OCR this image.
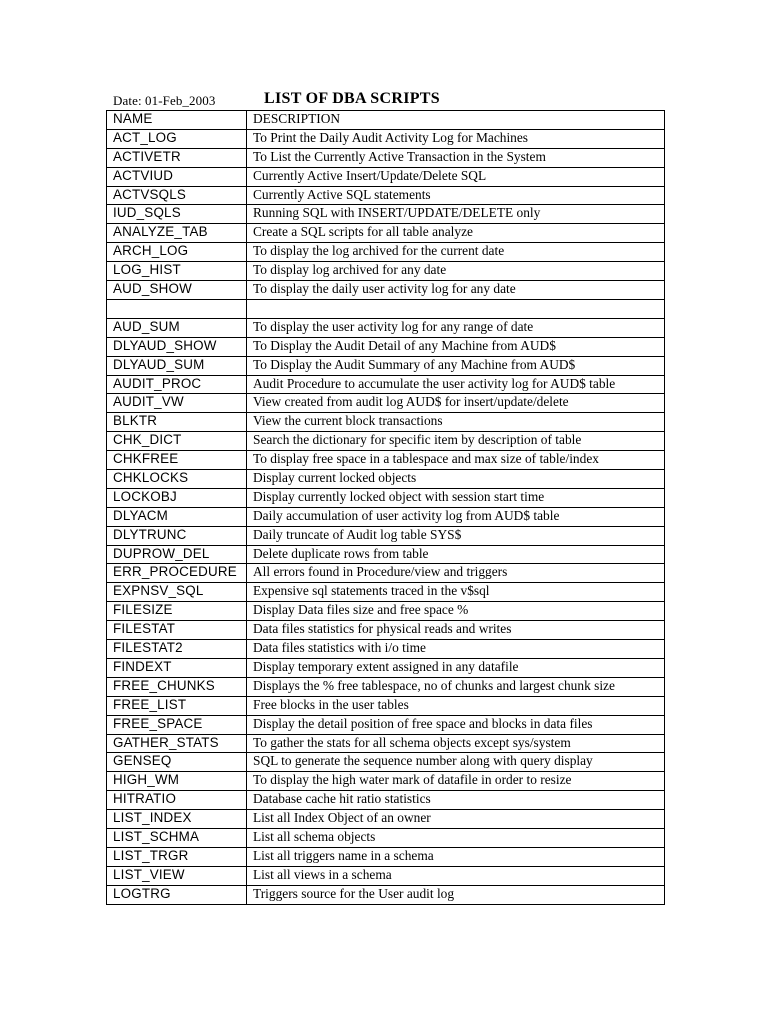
Date: 01-Feb_2003	LIST OF DBA SCRIPTS
NAME	DESCRIPTION
ACT_LOG	To Print the Daily Audit Activity Log for Machines
ACTIVETR	To List the Currently Active Transaction in the System
ACTVIUD	Currently Active Insert/Update/Delete SQL
ACTVSQLS	Currently Active SQL statements
IUD_SQLS	Running SQL with INSERT/UPDATE/DELETE only
ANALYZE_TAB	Create a SQL scripts for all table analyze
ARCH_LOG	To display the log archived for the current date
LOG_HIST	To display log archived for any date
AUD_SHOW	To display the daily user activity log for any date

AUD_SUM	To display the user activity log for any range of date
DLYAUD_SHOW	To Display the Audit Detail of any Machine from AUD$
DLYAUD_SUM	To Display the Audit Summary of any Machine from AUD$
AUDIT_PROC	Audit Procedure to accumulate the user activity log for AUD$ table
AUDIT_VW	View created from audit log AUD$ for insert/update/delete
BLKTR	View the current block transactions
CHK_DICT	Search the dictionary for specific item by description of table
CHKFREE	To display free space in a tablespace and max size of table/index
CHKLOCKS	Display current locked objects
LOCKOBJ	Display currently locked object with session start time
DLYACM	Daily accumulation of user activity log from AUD$ table
DLYTRUNC	Daily truncate of Audit log table SYS$
DUPROW_DEL	Delete duplicate rows from table
ERR_PROCEDURE	All errors found in Procedure/view and triggers
EXPNSV_SQL	Expensive sql statements traced in the v$sql
FILESIZE	Display Data files size and free space %
FILESTAT	Data files statistics for physical reads and writes
FILESTAT2	Data files statistics with i/o time
FINDEXT	Display temporary extent assigned in any datafile
FREE_CHUNKS	Displays the % free tablespace, no of chunks and largest chunk size
FREE_LIST	Free blocks in the user tables
FREE_SPACE	Display the detail position of free space and blocks in data files
GATHER_STATS	To gather the stats for all schema objects except sys/system
GENSEQ	SQL to generate the sequence number along with query display
HIGH_WM	To display the high water mark of datafile in order to resize
HITRATIO	Database cache hit ratio statistics
LIST_INDEX	List all Index Object of an owner
LIST_SCHMA	List all schema objects
LIST_TRGR	List all triggers name in a schema
LIST_VIEW	List all views in a schema
LOGTRG	Triggers source for the User audit log
